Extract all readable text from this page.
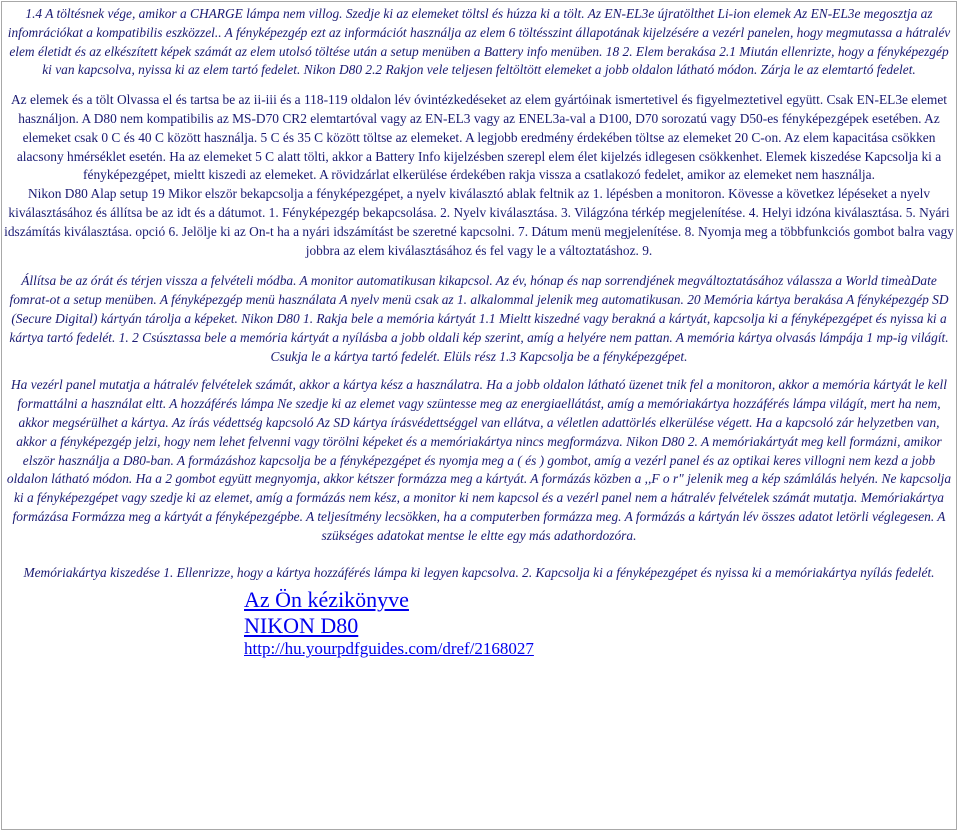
1.4 A töltésnek vége, amikor a CHARGE lámpa nem villog. Szedje ki az elemeket töltsl és húzza ki a tölt. Az EN-EL3e újratölthet Li-ion elemek Az EN-EL3e megosztja az infomrációkat a kompatibilis eszközzel.. A fényképezgép ezt az információt használja az elem 6 töltésszint állapotának kijelzésére a vezérl panelen, hogy megmutassa a hátralév elem életidt és az elkészített képek számát az elem utolsó töltése után a setup menüben a Battery info menüben. 18 2. Elem berakása 2.1 Miután ellenrizte, hogy a fényképezgép ki van kapcsolva, nyissa ki az elem tartó fedelet. Nikon D80 2.2 Rakjon vele teljesen feltöltött elemeket a jobb oldalon látható módon. Zárja le az elemtartó fedelet.

Az elemek és a tölt Olvassa el és tartsa be az ii-iii és a 118-119 oldalon lév óvintézkedéseket az elem gyártóinak ismertetivel és figyelmeztetivel együtt. Csak EN-EL3e elemet használjon. A D80 nem kompatibilis az MS-D70 CR2 elemtartóval vagy az EN-EL3 vagy az ENEL3a-val a D100, D70 sorozatú vagy D50-es fényképezgépek esetében. Az elemeket csak 0 C és 40 C között használja. 5 C és 35 C között töltse az elemeket. A legjobb eredmény érdekében töltse az elemeket 20 C-on. Az elem kapacitása csökken alacsony hmérséklet esetén. Ha az elemeket 5 C alatt tölti, akkor a Battery Info kijelzésben szerepl elem élet kijelzés idlegesen csökkenhet. Elemek kiszedése Kapcsolja ki a fényképezgépet, mieltt kiszedi az elemeket. A rövidzárlat elkerülése érdekében rakja vissza a csatlakozó fedelet, amikor az elemeket nem használja.

Nikon D80 Alap setup 19 Mikor elször bekapcsolja a fényképezgépet, a nyelv kiválasztó ablak feltnik az 1. lépésben a monitoron. Kövesse a következ lépéseket a nyelv kiválasztásához és állítsa be az idt és a dátumot. 1. Fényképezgép bekapcsolása. 2. Nyelv kiválasztása. 3. Világzóna térkép megjelenítése. 4. Helyi idzóna kiválasztása. 5. Nyári idszámítás kiválasztása. opció 6. Jelölje ki az On-t ha a nyári idszámítást be szeretné kapcsolni. 7. Dátum menü megjelenítése. 8. Nyomja meg a többfunkciós gombot balra vagy jobbra az elem kiválasztásához és fel vagy le a változtatáshoz. 9.

Állítsa be az órát és térjen vissza a felvételi módba. A monitor automatikusan kikapcsol. Az év, hónap és nap sorrendjének megváltoztatásához válassza a World timeàDate fomrat-ot a setup menüben. A fényképezgép menü használata A nyelv menü csak az 1. alkalommal jelenik meg automatikusan. 20 Memória kártya berakása A fényképezgép SD (Secure Digital) kártyán tárolja a képeket. Nikon D80 1. Rakja bele a memória kártyát 1.1 Mieltt kiszedné vagy berakná a kártyát, kapcsolja ki a fényképezgépet és nyissa ki a kártya tartó fedelét. 1. 2 Csúsztassa bele a memória kártyát a nyílásba a jobb oldali kép szerint, amíg a helyére nem pattan. A memória kártya olvasás lámpája 1 mp-ig világít. Csukja le a kártya tartó fedelét. Elüls rész 1.3 Kapcsolja be a fényképezgépet.

Ha vezérl panel mutatja a hátralév felvételek számát, akkor a kártya kész a használatra. Ha a jobb oldalon látható üzenet tnik fel a monitoron, akkor a memória kártyát le kell formattálni a használat eltt. A hozzáférés lámpa Ne szedje ki az elemet vagy szüntesse meg az energiaellátást, amíg a memóriakártya hozzáférés lámpa világít, mert ha nem, akkor megsérülhet a kártya. Az írás védettség kapcsoló Az SD kártya írásvédettséggel van ellátva, a véletlen adattörlés elkerülése végett. Ha a kapcsoló zár helyzetben van, akkor a fényképezgép jelzi, hogy nem lehet felvenni vagy törölni képeket és a memóriakártya nincs megformázva. Nikon D80 2. A memóriakártyát meg kell formázni, amikor elször használja a D80-ban. A formázáshoz kapcsolja be a fényképezgépet és nyomja meg a ( és ) gombot, amíg a vezérl panel és az optikai keres villogni nem kezd a jobb oldalon látható módon. Ha a 2 gombot együtt megnyomja, akkor kétszer formázza meg a kártyát. A formázás közben a ,,F o r" jelenik meg a kép számlálás helyén. Ne kapcsolja ki a fényképezgépet vagy szedje ki az elemet, amíg a formázás nem kész, a monitor ki nem kapcsol és a vezérl panel nem a hátralév felvételek számát mutatja. Memóriakártya formázása Formázza meg a kártyát a fényképezgépbe. A teljesítmény lecsökken, ha a computerben formázza meg. A formázás a kártyán lév összes adatot letörli véglegesen. A szükséges adatokat mentse le eltte egy más adathordozóra.

Memóriakártya kiszedése 1. Ellenrizze, hogy a kártya hozzáférés lámpa ki legyen kapcsolva. 2. Kapcsolja ki a fényképezgépet és nyissa ki a memóriakártya nyílás fedelét.

Az Ön kézikönyve
NIKON D80
http://hu.yourpdfguides.com/dref/2168027
